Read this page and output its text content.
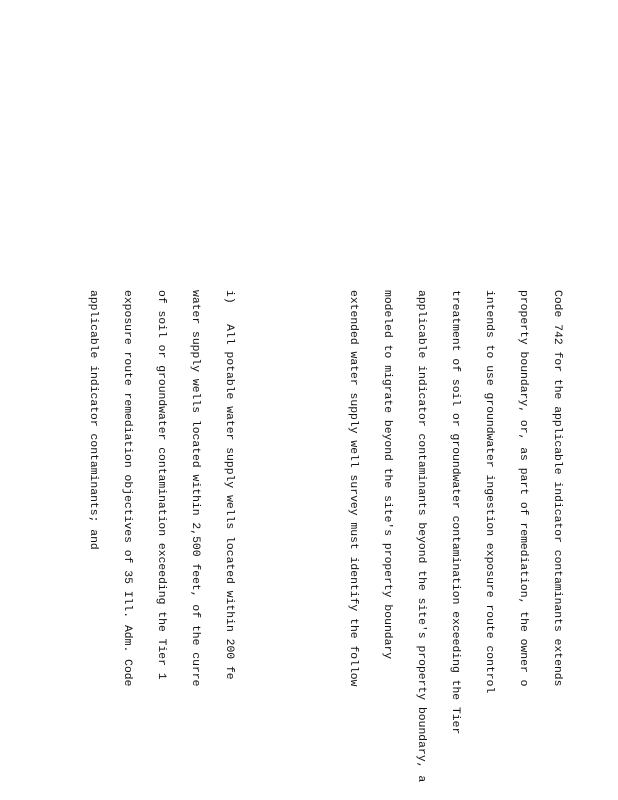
Code 742 for the applicable indicator contaminants extends

property boundary, or, as part of remediation, the owner o

intends to use groundwater ingestion exposure route control

treatment of soil or groundwater contamination exceeding the Tier

applicable indicator contaminants beyond the site's property boundary, a

modeled to migrate beyond the site's property boundary

extended water supply well survey must identify the follow

i)   All potable water supply wells located within 200 fe

water supply wells located within 2,500 feet, of the curre

of soil or groundwater contamination exceeding the Tier 1

exposure route remediation objectives of 35 Ill. Adm. Code

applicable indicator contaminants; and
